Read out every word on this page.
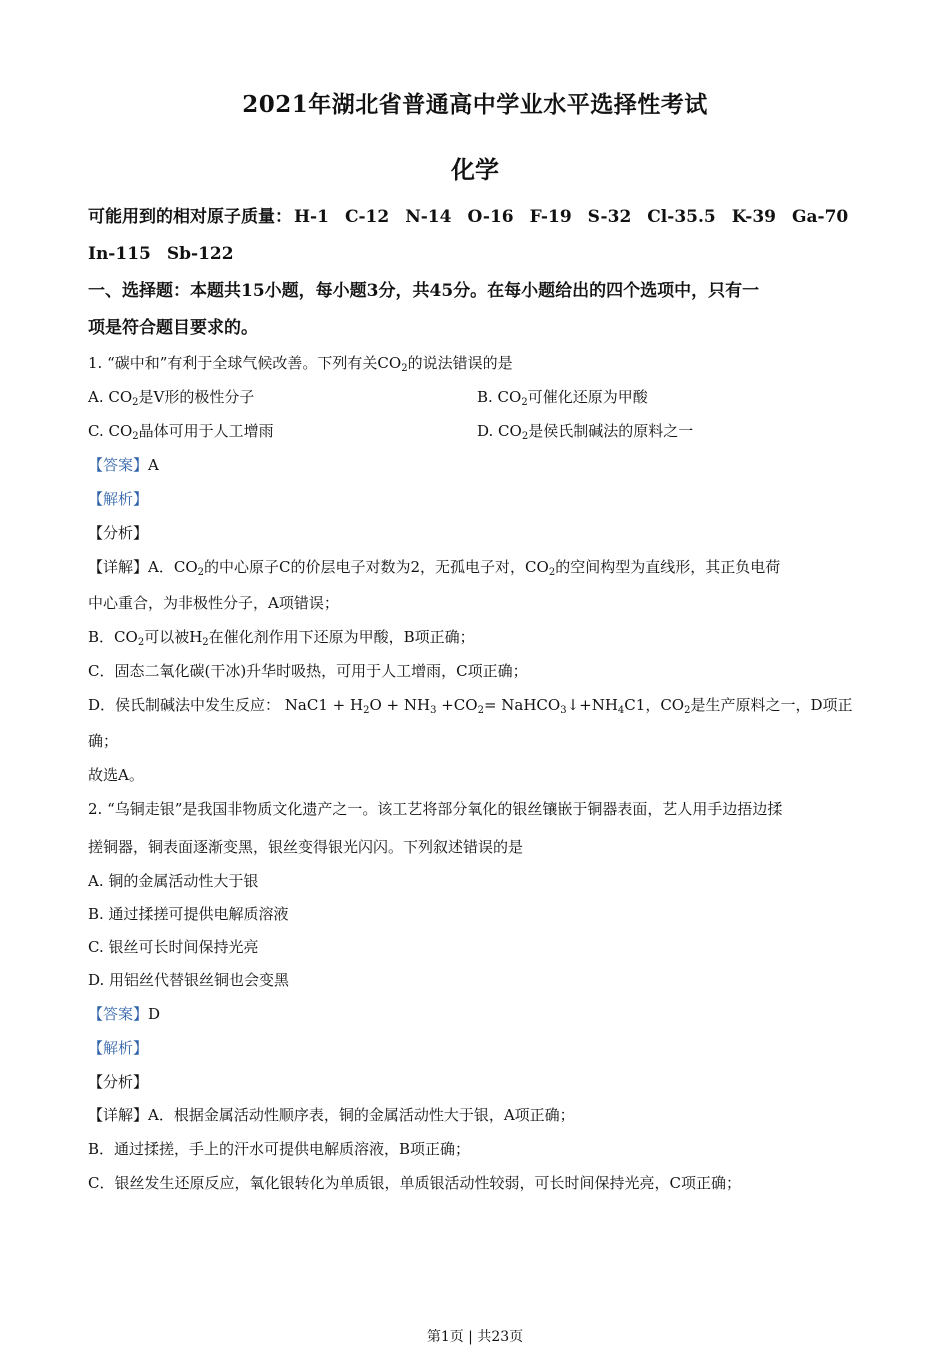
2021年湖北省普通高中学业水平选择性考试
化学
可能用到的相对原子质量： H-1 C-12 N-14 O-16 F-19 S-32 Cl-35.5 K-39 Ga-70
In-115 Sb-122
一、选择题：本题共15小题，每小题3分，共45分。在每小题给出的四个选项中，只有一
项是符合题目要求的。
1. “碳中和”有利于全球气候改善。下列有关$CO_2$的说法错误的是
A. $CO_2$是V形的极性分子	B. $CO_2$可催化还原为甲酸
C. $CO_2$晶体可用于人工增雨	D. $CO_2$是侯氏制碱法的原料之一
【答案】A
【解析】
【分析】
【详解】A．$CO_2$的中心原子C的价层电子对数为2，无孤电子对，$CO_2$的空间构型为直线形，其正负电荷
中心重合，为非极性分子，A项错误；
B．$CO_2$可以被$H_2$在催化剂作用下还原为甲酸，B项正确；
C．固态二氧化碳(干冰)升华时吸热，可用于人工增雨，C项正确；
D．侯氏制碱法中发生反应： $NaC1 + H_2O + NH_3 +CO_2=$ $NaHCO_3↓+NH_4C1$，$CO_2$是生产原料之一，D项正
确；
故选A。
2. “乌铜走银”是我国非物质文化遗产之一。该工艺将部分氧化的银丝镶嵌于铜器表面，艺人用手边捂边揉
搓铜器，铜表面逐渐变黑，银丝变得银光闪闪。下列叙述错误的是
A. 铜的金属活动性大于银
B. 通过揉搓可提供电解质溶液
C. 银丝可长时间保持光亮
D. 用铝丝代替银丝铜也会变黑
【答案】D
【解析】
【分析】
【详解】A．根据金属活动性顺序表，铜的金属活动性大于银，A项正确；
B．通过揉搓，手上的汗水可提供电解质溶液，B项正确；
C．银丝发生还原反应，氧化银转化为单质银，单质银活动性较弱，可长时间保持光亮，C项正确；
第1页 | 共23页
